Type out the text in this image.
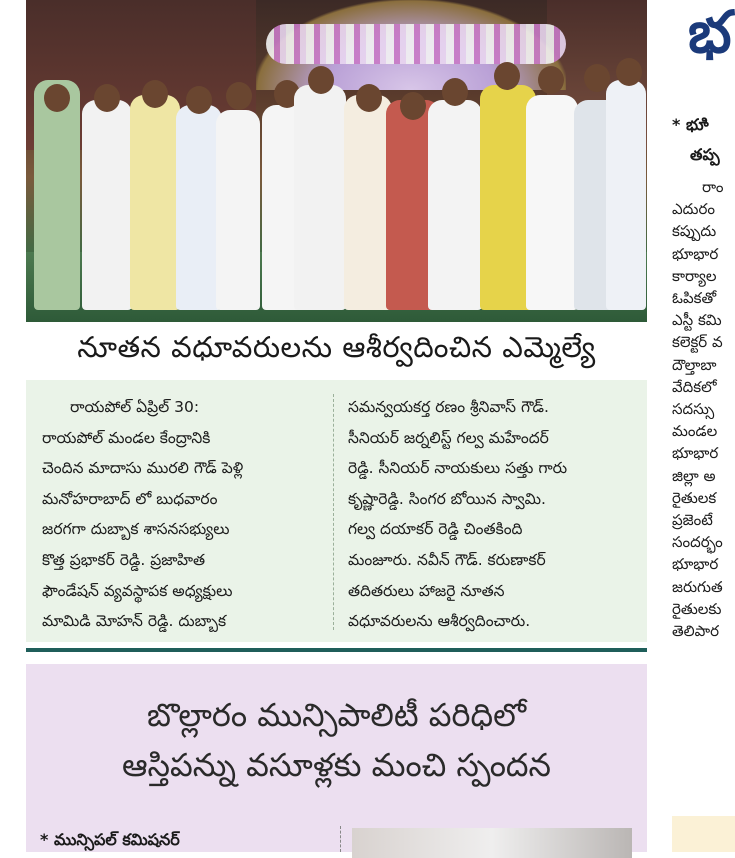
నూతన వధూవరులను ఆశీర్వదించిన ఎమ్మెల్యే
రాయపోల్ ఏప్రిల్ 30:
రాయపోల్ మండల కేంద్రానికి
చెందిన మాదాసు మురలి గౌడ్ పెళ్లి
మనోహరాబాద్ లో బుధవారం
జరగగా దుబ్బాక శాసనసభ్యులు
కొత్త ప్రభాకర్ రెడ్డి. ప్రజాహిత
ఫౌండేషన్ వ్యవస్థాపక అధ్యక్షులు
మామిడి మోహన్ రెడ్డి. దుబ్బాక
సమన్వయకర్త రణం శ్రీనివాస్ గౌడ్.
సీనియర్ జర్నలిస్ట్ గల్వ మహేందర్
రెడ్డి. సీనియర్ నాయకులు సత్తు గారు
కృష్ణారెడ్డి. సింగర బోయిన స్వామి.
గల్వ దయాకర్ రెడ్డి చింతకింది
మంజూరు. నవీన్ గౌడ్. కరుణాకర్
తదితరులు హాజరై నూతన
వధూవరులను ఆశీర్వదించారు.
బొల్లారం మున్సిపాలిటీ పరిధిలో
ఆస్తిపన్ను వసూళ్లకు మంచి స్పందన
* మున్సిపల్ కమిషనర్
భ
* భూి
తప్ప
రాం
ఎదురం
కప్పుదు
భూభార
కార్యాల
ఓపికతో
ఎస్టీ కమి
కలెక్టర్ వ
దౌల్తాబా
వేదికలో
సదస్సు
మండల
భూభార
జిల్లా అ
రైతులక
ప్రజెంటే
సందర్భం
భూభార
జరుగుత
రైతులకు
తెలిపార
